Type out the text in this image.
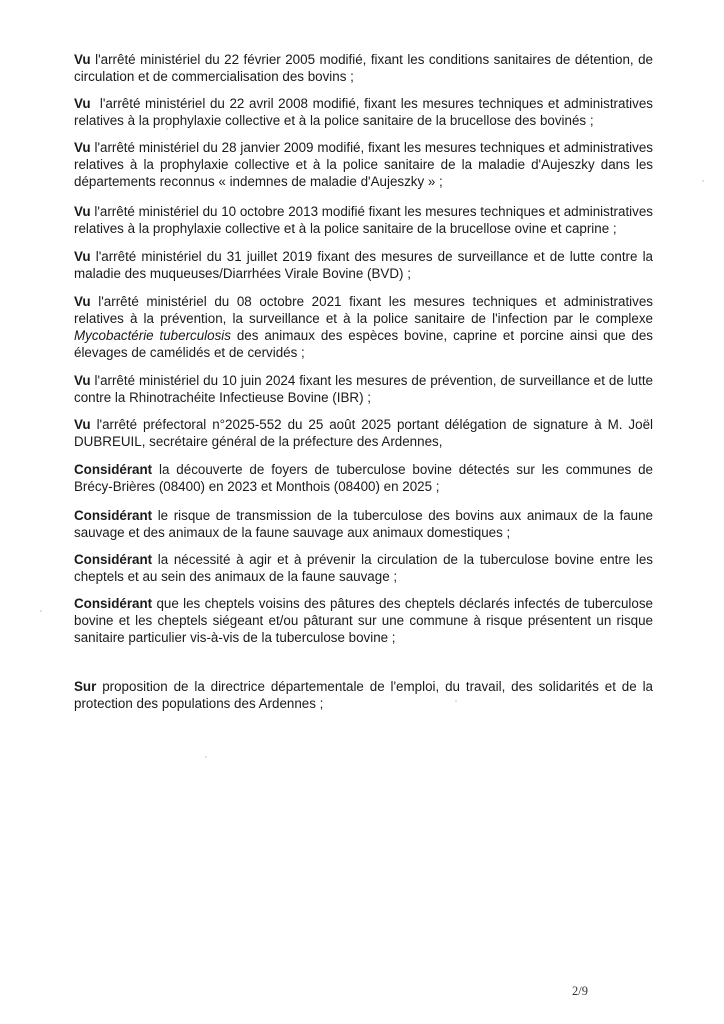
Vu l'arrêté ministériel du 22 février 2005 modifié, fixant les conditions sanitaires de détention, de circulation et de commercialisation des bovins ;

Vu  l'arrêté ministériel du 22 avril 2008 modifié, fixant les mesures techniques et administratives relatives à la prophylaxie collective et à la police sanitaire de la brucellose des bovinés ;

Vu l'arrêté ministériel du 28 janvier 2009 modifié, fixant les mesures techniques et administratives relatives à la prophylaxie collective et à la police sanitaire de la maladie d'Aujeszky dans les départements reconnus « indemnes de maladie d'Aujeszky » ;

Vu l'arrêté ministériel du 10 octobre 2013 modifié fixant les mesures techniques et administratives relatives à la prophylaxie collective et à la police sanitaire de la brucellose ovine et caprine ;

Vu l'arrêté ministériel du 31 juillet 2019 fixant des mesures de surveillance et de lutte contre la maladie des muqueuses/Diarrhées Virale Bovine (BVD) ;

Vu l'arrêté ministériel du 08 octobre 2021 fixant les mesures techniques et administratives relatives à la prévention, la surveillance et à la police sanitaire de l'infection par le complexe Mycobactérie tuberculosis des animaux des espèces bovine, caprine et porcine ainsi que des élevages de camélidés et de cervidés ;

Vu l'arrêté ministériel du 10 juin 2024 fixant les mesures de prévention, de surveillance et de lutte contre la Rhinotrachéite Infectieuse Bovine (IBR) ;

Vu l'arrêté préfectoral n°2025-552 du 25 août 2025 portant délégation de signature à M. Joël DUBREUIL, secrétaire général de la préfecture des Ardennes,

Considérant la découverte de foyers de tuberculose bovine détectés sur les communes de Brécy-Brières (08400) en 2023 et Monthois (08400) en 2025 ;

Considérant le risque de transmission de la tuberculose des bovins aux animaux de la faune sauvage et des animaux de la faune sauvage aux animaux domestiques ;

Considérant la nécessité à agir et à prévenir la circulation de la tuberculose bovine entre les cheptels et au sein des animaux de la faune sauvage ;

Considérant que les cheptels voisins des pâtures des cheptels déclarés infectés de tuberculose bovine et les cheptels siégeant et/ou pâturant sur une commune à risque présentent un risque sanitaire particulier vis-à-vis de la tuberculose bovine ;

Sur proposition de la directrice départementale de l'emploi, du travail, des solidarités et de la protection des populations des Ardennes ;

2/9
